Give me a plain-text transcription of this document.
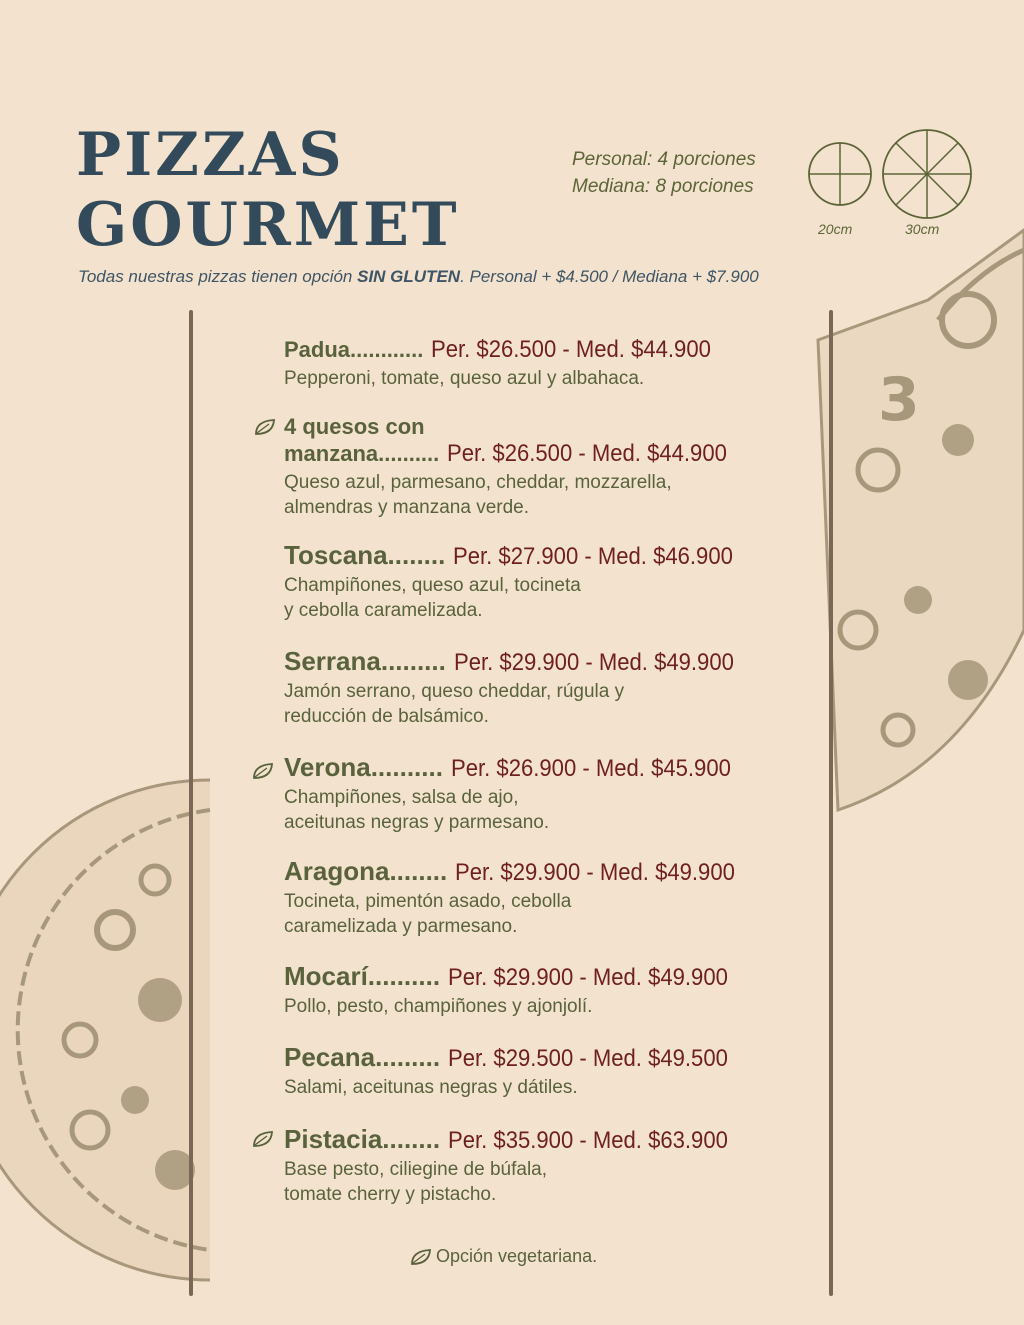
3
PIZZAS
GOURMET
Personal: 4 porciones
Mediana: 8 porciones
20cm	30cm
Todas nuestras pizzas tienen opción SIN GLUTEN. Personal + $4.500 / Mediana + $7.900
Padua............ Per. $26.500 - Med. $44.900
Pepperoni, tomate, queso azul y albahaca.
4 quesos con
manzana.......... Per. $26.500 - Med. $44.900
Queso azul, parmesano, cheddar, mozzarella,
almendras y manzana verde.
Toscana........ Per. $27.900 - Med. $46.900
Champiñones, queso azul, tocineta
y cebolla caramelizada.
Serrana......... Per. $29.900 - Med. $49.900
Jamón serrano, queso cheddar, rúgula y
reducción de balsámico.
Verona.......... Per. $26.900 - Med. $45.900
Champiñones, salsa de ajo,
aceitunas negras y parmesano.
Aragona........ Per. $29.900 - Med. $49.900
Tocineta, pimentón asado, cebolla
caramelizada y parmesano.
Mocarí.......... Per. $29.900 - Med. $49.900
Pollo, pesto, champiñones y ajonjolí.
Pecana......... Per. $29.500 - Med. $49.500
Salami, aceitunas negras y dátiles.
Pistacia........ Per. $35.900 - Med. $63.900
Base pesto, ciliegine de búfala,
tomate cherry y pistacho.
Opción vegetariana.
